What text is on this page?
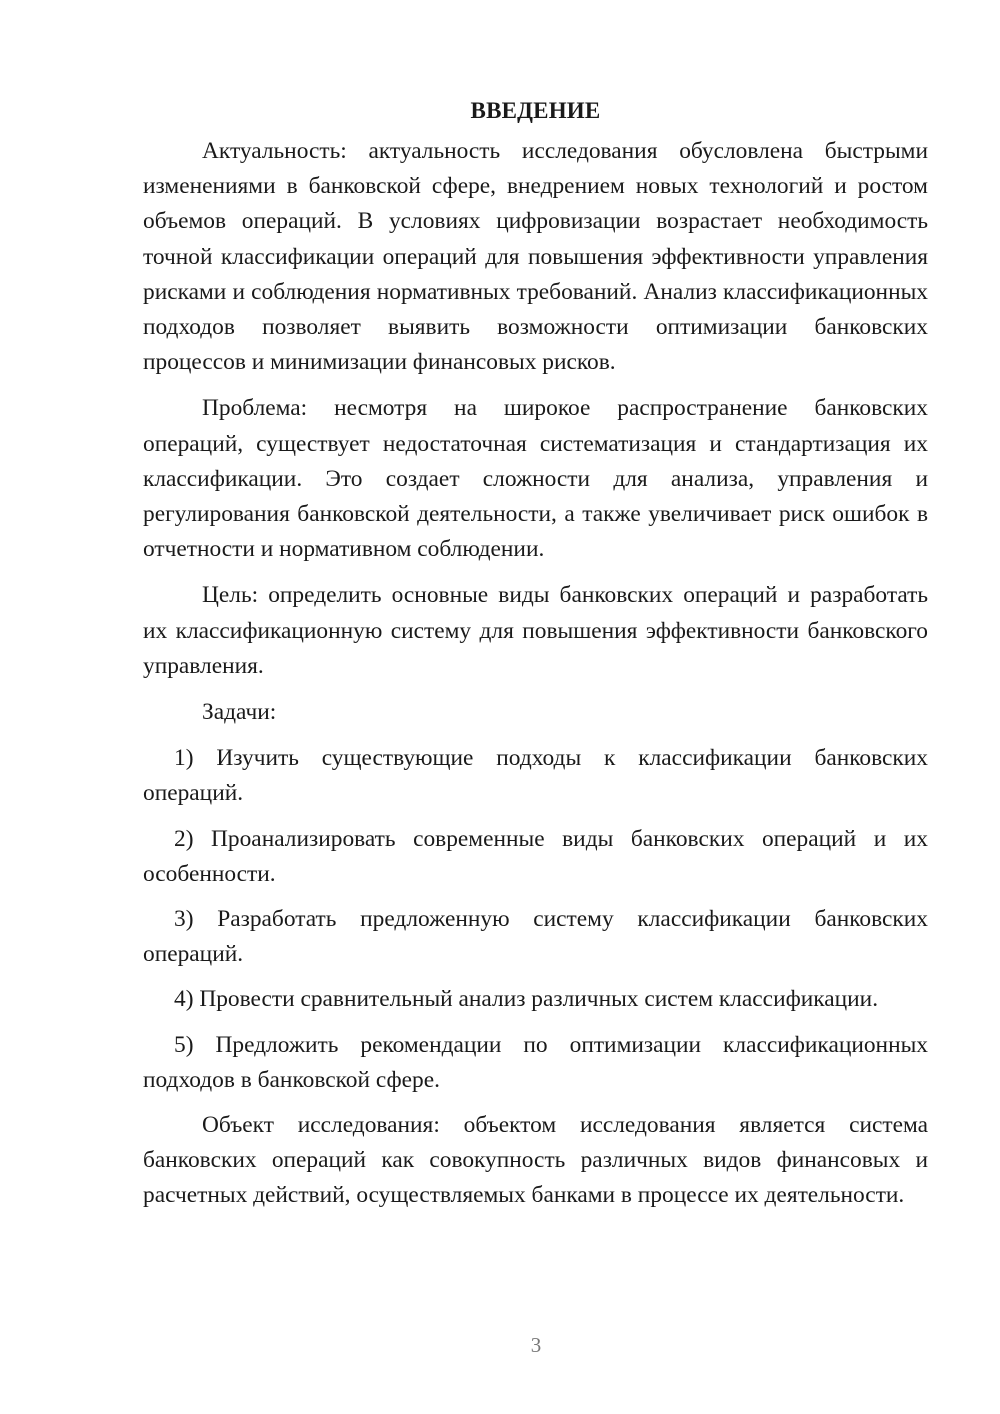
ВВЕДЕНИЕ

Актуальность: актуальность исследования обусловлена быстрыми изменениями в банковской сфере, внедрением новых технологий и ростом объемов операций. В условиях цифровизации возрастает необходимость точной классификации операций для повышения эффективности управления рисками и соблюдения нормативных требований. Анализ классификационных подходов позволяет выявить возможности оптимизации банковских процессов и минимизации финансовых рисков.

Проблема: несмотря на широкое распространение банковских операций, существует недостаточная систематизация и стандартизация их классификации. Это создает сложности для анализа, управления и регулирования банковской деятельности, а также увеличивает риск ошибок в отчетности и нормативном соблюдении.

Цель: определить основные виды банковских операций и разработать их классификационную систему для повышения эффективности банковского управления.

Задачи:

1) Изучить существующие подходы к классификации банковских операций.

2) Проанализировать современные виды банковских операций и их особенности.

3) Разработать предложенную систему классификации банковских операций.

4) Провести сравнительный анализ различных систем классификации.

5) Предложить рекомендации по оптимизации классификационных подходов в банковской сфере.

Объект исследования: объектом исследования является система банковских операций как совокупность различных видов финансовых и расчетных действий, осуществляемых банками в процессе их деятельности.

3
